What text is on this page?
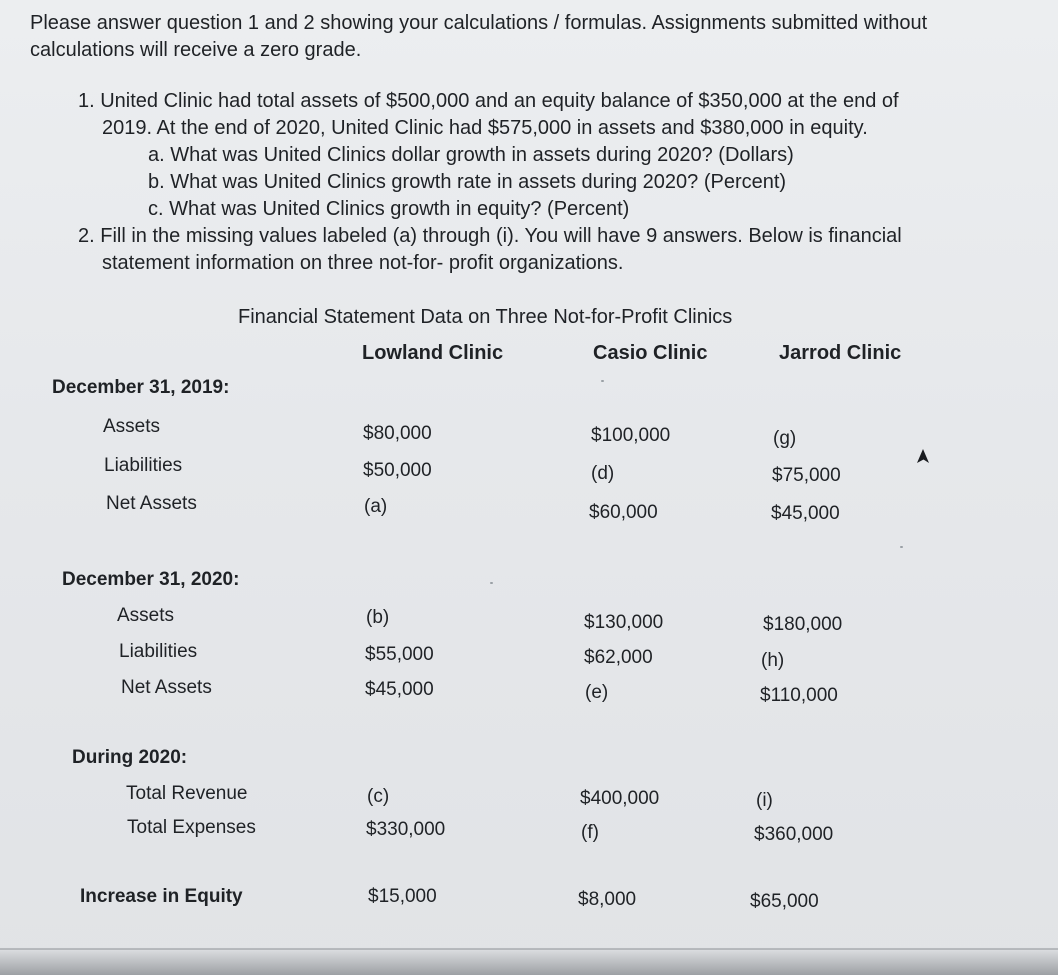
Please answer question 1 and 2 showing your calculations / formulas. Assignments submitted without calculations will receive a zero grade.
1. United Clinic had total assets of $500,000 and an equity balance of $350,000 at the end of
2019. At the end of 2020, United Clinic had $575,000 in assets and $380,000 in equity.
a. What was United Clinics dollar growth in assets during 2020? (Dollars)
b. What was United Clinics growth rate in assets during 2020? (Percent)
c. What was United Clinics growth in equity? (Percent)
2. Fill in the missing values labeled (a) through (i). You will have 9 answers. Below is financial
statement information on three not-for- profit organizations.
Financial Statement Data on Three Not-for-Profit Clinics
Lowland Clinic	Casio Clinic	Jarrod Clinic
December 31, 2019:
Assets	$80,000	$100,000	(g)
Liabilities	$50,000	(d)	$75,000
Net Assets	(a)	$60,000	$45,000
December 31, 2020:
Assets	(b)	$130,000	$180,000
Liabilities	$55,000	$62,000	(h)
Net Assets	$45,000	(e)	$110,000
During 2020:
Total Revenue	(c)	$400,000	(i)
Total Expenses	$330,000	(f)	$360,000
Increase in Equity	$15,000	$8,000	$65,000
